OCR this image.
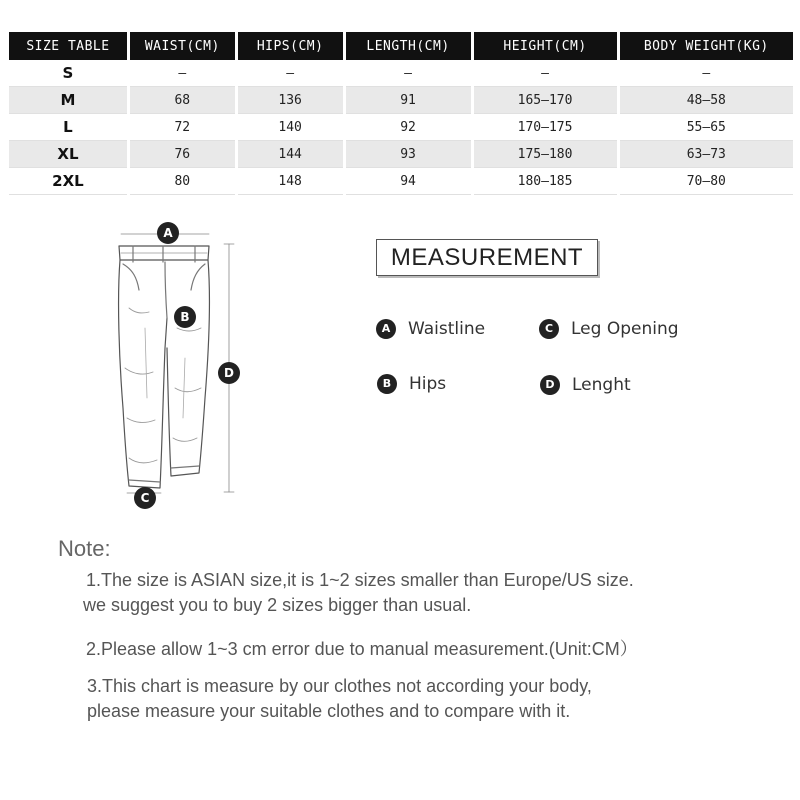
SIZE TABLE	WAIST(CM)	HIPS(CM)	LENGTH(CM)	HEIGHT(CM)	BODY WEIGHT(KG)
S	–	–	–	–	–
M	68	136	91	165–170	48–58
L	72	140	92	170–175	55–65
XL	76	144	93	175–180	63–73
2XL	80	148	94	180–185	70–80
A
B
D
C
MEASUREMENT
A	Waistline	C	Leg Opening
B	Hips	D	Lenght
Note:
1.The size is ASIAN size,it is 1~2 sizes smaller than Europe/US size.
we suggest you to buy 2 sizes bigger than usual.
2.Please allow 1~3 cm error due to manual measurement.(Unit:CM）
3.This chart is measure by our clothes not according your body,
please measure your suitable clothes and to compare with it.
